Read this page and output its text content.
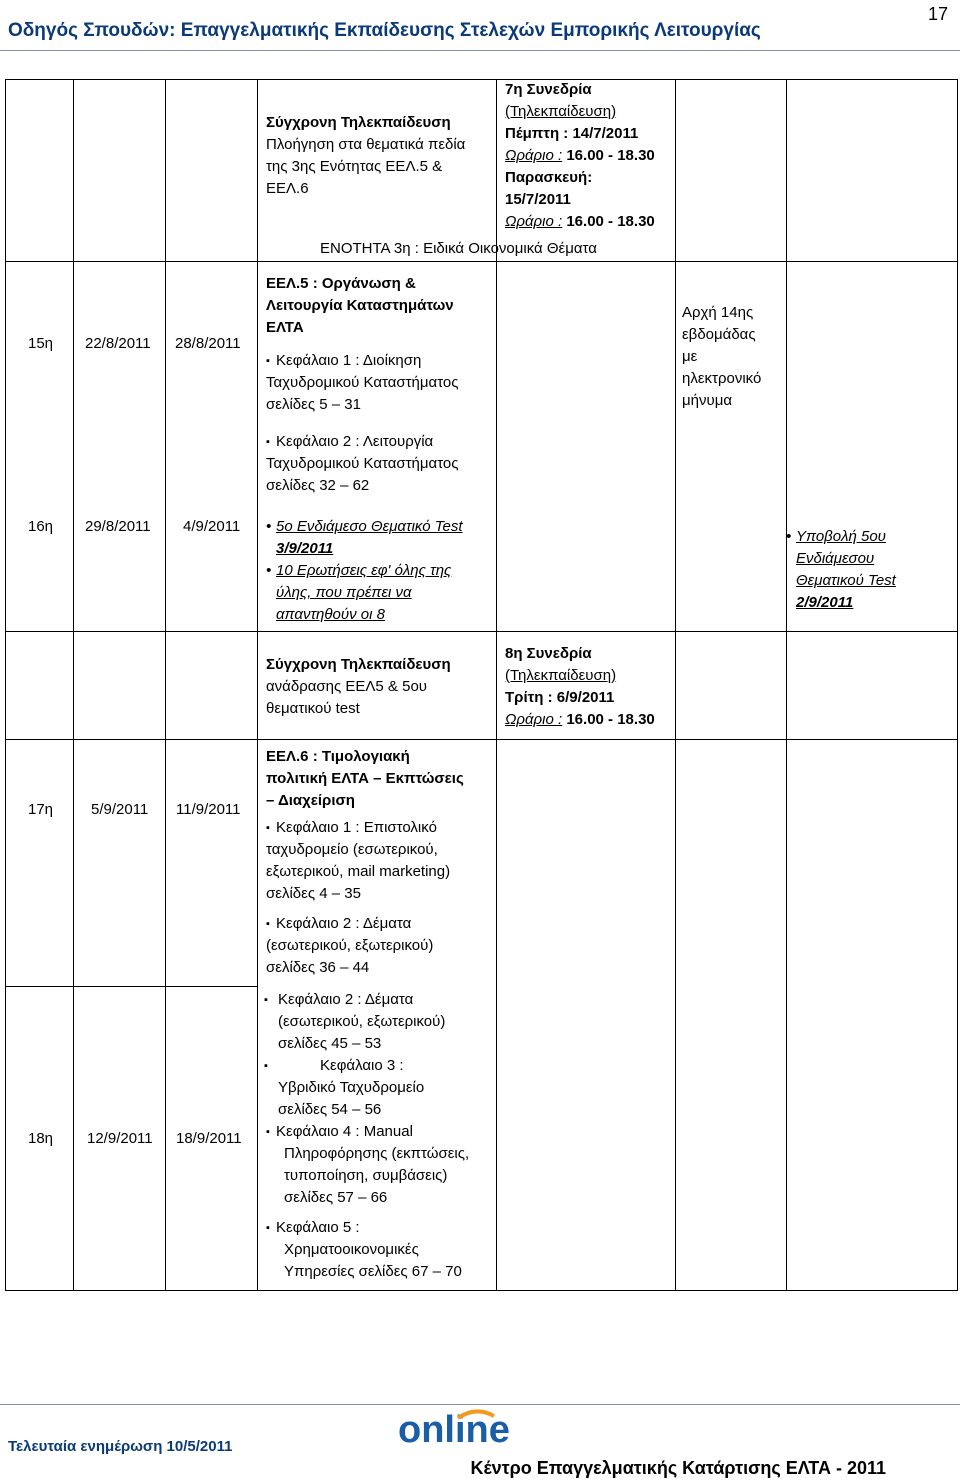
Οδηγός Σπουδών: Επαγγελματικής Εκπαίδευσης Στελεχών Εμπορικής Λειτουργίας
17
Σύγχρονη Τηλεκπαίδευση
Πλοήγηση στα θεματικά πεδία
της 3ης Ενότητας ΕΕΛ.5 &
ΕΕΛ.6
7η Συνεδρία
(Τηλεκπαίδευση)
Πέμπτη : 14/7/2011
Ωράριο : 16.00 - 18.30
Παρασκευή:
15/7/2011
Ωράριο : 16.00 - 18.30
ΕΝΟΤΗΤΑ 3η : Ειδικά Οικονομικά Θέματα
15η 22/8/2011 28/8/2011
ΕΕΛ.5 : Οργάνωση &
Λειτουργία Καταστημάτων
ΕΛΤΑ
▪ Κεφάλαιο 1 : Διοίκηση
Ταχυδρομικού Καταστήματος
σελίδες 5 – 31
▪ Κεφάλαιο 2 : Λειτουργία
Ταχυδρομικού Καταστήματος
σελίδες 32 – 62
Αρχή 14ης
εβδομάδας
με
ηλεκτρονικό
μήνυμα
16η 29/8/2011 4/9/2011
•	5ο Ενδιάμεσο Θεματικό Test
3/9/2011
• 10 Ερωτήσεις εφ' όλης της
ύλης, που πρέπει να
απαντηθούν οι 8
• Υποβολή 5ου
Ενδιάμεσου
Θεματικού Test
2/9/2011
Σύγχρονη Τηλεκπαίδευση
ανάδρασης ΕΕΛ5 & 5ου
θεματικού test
8η Συνεδρία
(Τηλεκπαίδευση)
Τρίτη : 6/9/2011
Ωράριο : 16.00 - 18.30
17η	5/9/2011 11/9/2011
ΕΕΛ.6 : Τιμολογιακή
πολιτική ΕΛΤΑ – Εκπτώσεις
– Διαχείριση
▪ Κεφάλαιο 1 : Επιστολικό
ταχυδρομείο (εσωτερικού,
εξωτερικού, mail marketing)
σελίδες 4 – 35
▪ Κεφάλαιο 2 : Δέματα
(εσωτερικού, εξωτερικού)
σελίδες 36 – 44
18η 12/9/2011 18/9/2011
▪ Κεφάλαιο 2 : Δέματα
(εσωτερικού, εξωτερικού)
σελίδες 45 – 53
▪ Κεφάλαιο 3 :
Υβριδικό Ταχυδρομείο
σελίδες 54 – 56
▪ Κεφάλαιο 4 : Manual
Πληροφόρησης (εκπτώσεις,
τυποποίηση, συμβάσεις)
σελίδες 57 – 66
▪ Κεφάλαιο 5 :
Χρηματοοικονομικές
Υπηρεσίες σελίδες 67 – 70
Τελευταία ενημέρωση 10/5/2011	online
Κέντρο Επαγγελματικής Κατάρτισης ΕΛΤΑ - 2011
